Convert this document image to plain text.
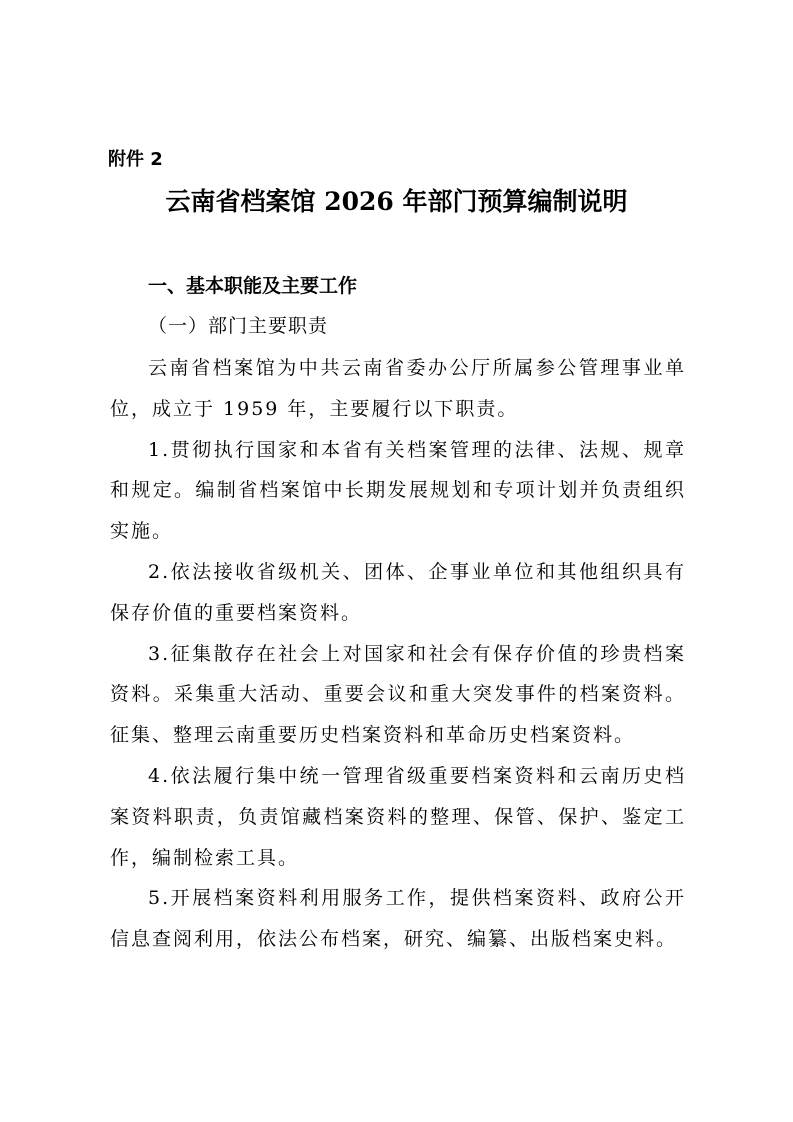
附件 2
云南省档案馆 2026 年部门预算编制说明
一、基本职能及主要工作
（一）部门主要职责

云南省档案馆为中共云南省委办公厅所属参公管理事业单位，成立于 1959 年，主要履行以下职责。

1.贯彻执行国家和本省有关档案管理的法律、法规、规章和规定。编制省档案馆中长期发展规划和专项计划并负责组织实施。

2.依法接收省级机关、团体、企事业单位和其他组织具有保存价值的重要档案资料。

3.征集散存在社会上对国家和社会有保存价值的珍贵档案资料。采集重大活动、重要会议和重大突发事件的档案资料。征集、整理云南重要历史档案资料和革命历史档案资料。

4.依法履行集中统一管理省级重要档案资料和云南历史档案资料职责，负责馆藏档案资料的整理、保管、保护、鉴定工作，编制检索工具。

5.开展档案资料利用服务工作，提供档案资料、政府公开信息查阅利用，依法公布档案，研究、编纂、出版档案史料。
